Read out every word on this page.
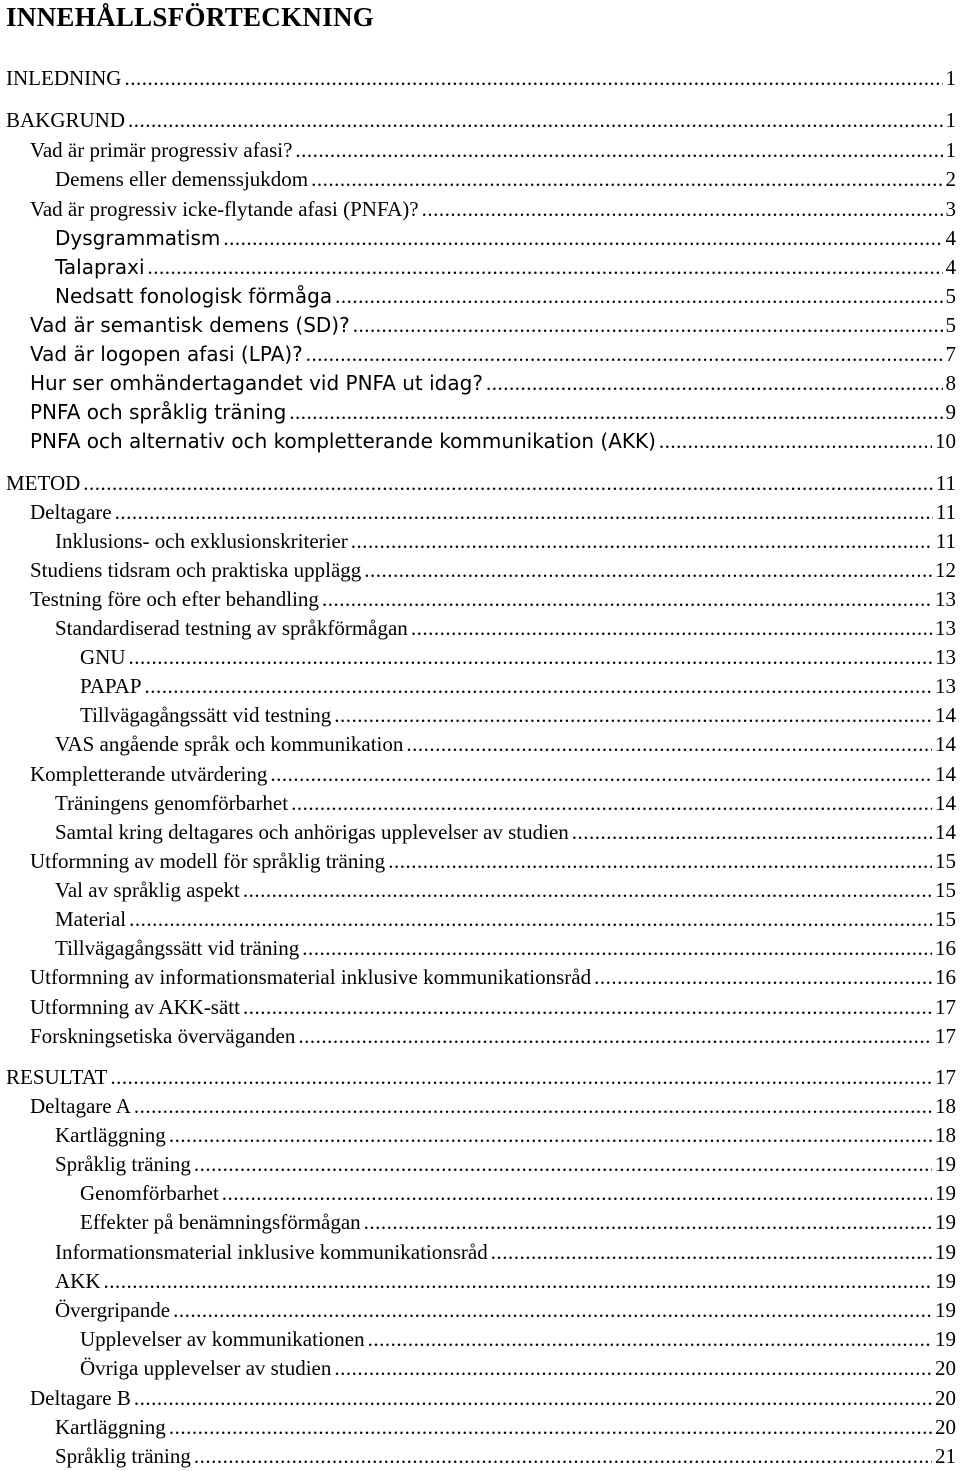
INNEHÅLLSFÖRTECKNING
INLEDNING .....	1
BAKGRUND .....	1
Vad är primär progressiv afasi? .....	1
Demens eller demenssjukdom .....	2
Vad är progressiv icke-flytande afasi (PNFA)? .....	3
Dysgrammatism .....	4
Talapraxi .....	4
Nedsatt fonologisk förmåga .....	5
Vad är semantisk demens (SD)? .....	5
Vad är logopen afasi (LPA)? .....	7
Hur ser omhändertagandet vid PNFA ut idag? .....	8
PNFA och språklig träning .....	9
PNFA och alternativ och kompletterande kommunikation (AKK) .....	10
METOD .....	11
Deltagare .....	11
Inklusions- och exklusionskriterier .....	11
Studiens tidsram och praktiska upplägg .....	12
Testning före och efter behandling .....	13
Standardiserad testning av språkförmågan .....	13
GNU .....	13
PAPAP .....	13
Tillvägagångssätt vid testning .....	14
VAS angående språk och kommunikation .....	14
Kompletterande utvärdering .....	14
Träningens genomförbarhet .....	14
Samtal kring deltagares och anhörigas upplevelser av studien .....	14
Utformning av modell för språklig träning .....	15
Val av språklig aspekt .....	15
Material .....	15
Tillvägagångssätt vid träning .....	16
Utformning av informationsmaterial inklusive kommunikationsråd .....	16
Utformning av AKK-sätt .....	17
Forskningsetiska överväganden .....	17
RESULTAT .....	17
Deltagare A .....	18
Kartläggning .....	18
Språklig träning .....	19
Genomförbarhet .....	19
Effekter på benämningsförmågan .....	19
Informationsmaterial inklusive kommunikationsråd .....	19
AKK .....	19
Övergripande .....	19
Upplevelser av kommunikationen .....	19
Övriga upplevelser av studien .....	20
Deltagare B .....	20
Kartläggning .....	20
Språklig träning .....	21
